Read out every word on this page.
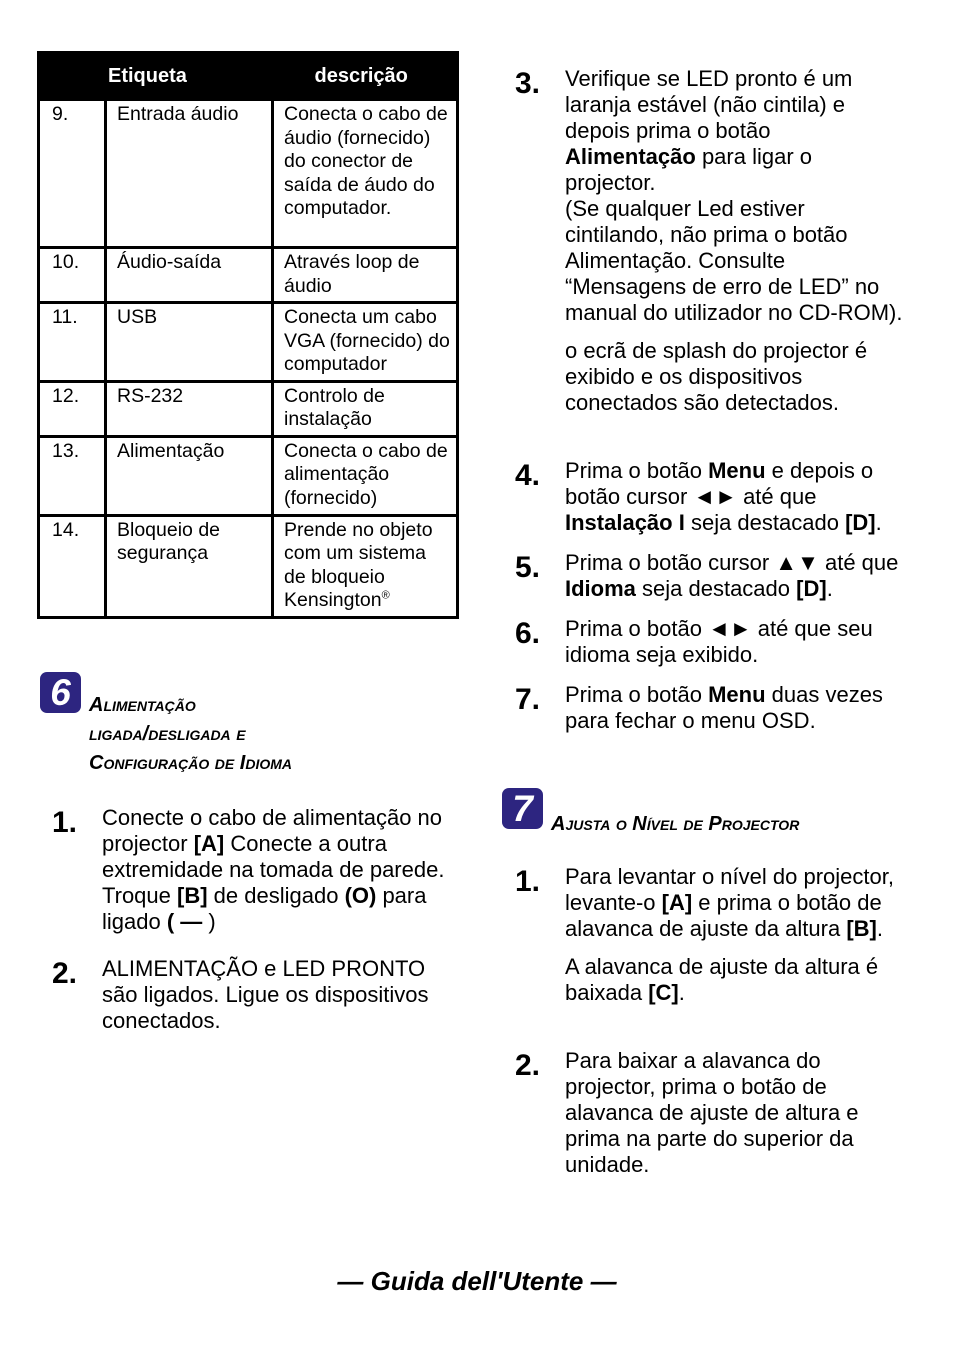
Etiqueta		descrição
9.	Entrada áudio	Conecta o cabo de áudio (fornecido) do conector de saída de áudo do computador.
10.	Áudio-saída	Através loop de áudio
11.	USB	Conecta um cabo VGA (fornecido) do computador
12.	RS-232	Controlo de instalação
13.	Alimentação	Conecta o cabo de alimentação (fornecido)
14.	Bloqueio de segurança	Prende no objeto com um sistema de bloqueio Kensington®
6 Alimentação
ligada/desligada e
Configuração de Idioma
1. Conecte o cabo de alimentação no projector [A] Conecte a outra extremidade na tomada de parede. Troque [B] de desligado (O) para ligado ( — )
2. ALIMENTAÇÃO e LED PRONTO são ligados. Ligue os dispositivos conectados.
3. Verifique se LED pronto é um laranja estável (não cintila) e depois prima o botão Alimentação para ligar o projector.
(Se qualquer Led estiver cintilando, não prima o botão Alimentação. Consulte “Mensagens de erro de LED” no manual do utilizador no CD-ROM).
o ecrã de splash do projector é exibido e os dispositivos conectados são detectados.
4. Prima o botão Menu e depois o botão cursor ◄► até que Instalação I seja destacado [D].
5. Prima o botão cursor ▲▼ até que Idioma seja destacado [D].
6. Prima o botão ◄► até que seu idioma seja exibido.
7. Prima o botão Menu duas vezes para fechar o menu OSD.
7 Ajusta o Nível de Projector
1. Para levantar o nível do projector, levante-o [A] e prima o botão de alavanca de ajuste da altura [B].
A alavanca de ajuste da altura é baixada [C].
2. Para baixar a alavanca do projector, prima o botão de alavanca de ajuste de altura e prima na parte do superior da unidade.
— Guida dell'Utente —
